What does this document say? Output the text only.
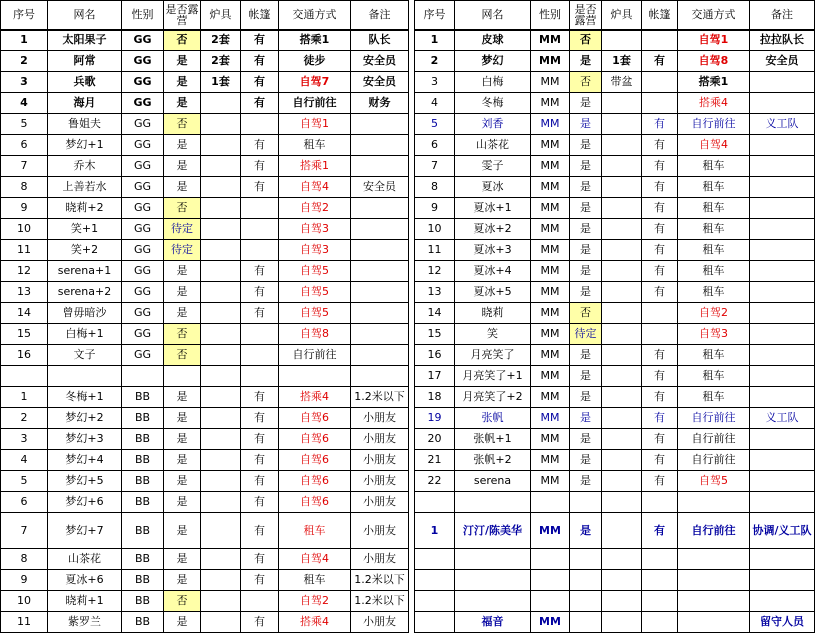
序号	网名	性别	是否露营	炉具	帐篷	交通方式	备注
1	太阳果子	GG	否	2套	有	搭乘1	队长
2	阿常	GG	是	2套	有	徒步	安全员
3	兵歌	GG	是	1套	有	自驾7	安全员
4	海月	GG	是		有	自行前往	财务
5	鲁姐夫	GG	否			自驾1	
6	梦幻+1	GG	是		有	租车	
7	乔木	GG	是		有	搭乘1	
8	上善若水	GG	是		有	自驾4	安全员
9	晓莉+2	GG	否			自驾2	
10	笑+1	GG	待定			自驾3	
11	笑+2	GG	待定			自驾3	
12	serena+1	GG	是		有	自驾5	
13	serena+2	GG	是		有	自驾5	
14	曾毋暗沙	GG	是		有	自驾5	
15	白梅+1	GG	否			自驾8	
16	文子	GG	否			自行前往	

1	冬梅+1	BB	是		有	搭乘4	1.2米以下
2	梦幻+2	BB	是		有	自驾6	小朋友
3	梦幻+3	BB	是		有	自驾6	小朋友
4	梦幻+4	BB	是		有	自驾6	小朋友
5	梦幻+5	BB	是		有	自驾6	小朋友
6	梦幻+6	BB	是		有	自驾6	小朋友
7	梦幻+7	BB	是		有	租车	小朋友
8	山茶花	BB	是		有	自驾4	小朋友
9	夏冰+6	BB	是		有	租车	1.2米以下
10	晓莉+1	BB	否			自驾2	1.2米以下
11	紫罗兰	BB	是		有	搭乘4	小朋友
序号	网名	性别	是否露营	炉具	帐篷	交通方式	备注
1	皮球	MM	否			自驾1	拉拉队长
2	梦幻	MM	是	1套	有	自驾8	安全员
3	白梅	MM	否	带盆		搭乘1	
4	冬梅	MM	是			搭乘4	
5	刘香	MM	是		有	自行前往	义工队
6	山茶花	MM	是		有	自驾4	
7	雯子	MM	是		有	租车	
8	夏冰	MM	是		有	租车	
9	夏冰+1	MM	是		有	租车	
10	夏冰+2	MM	是		有	租车	
11	夏冰+3	MM	是		有	租车	
12	夏冰+4	MM	是		有	租车	
13	夏冰+5	MM	是		有	租车	
14	晓莉	MM	否			自驾2	
15	笑	MM	待定			自驾3	
16	月亮笑了	MM	是		有	租车	
17	月亮笑了+1	MM	是		有	租车	
18	月亮笑了+2	MM	是		有	租车	
19	张帆	MM	是		有	自行前往	义工队
20	张帆+1	MM	是		有	自行前往	
21	张帆+2	MM	是		有	自行前往	
22	serena	MM	是		有	自驾5	

1	汀汀/陈美华	MM	是		有	自行前往	协调/义工队

	福音	MM					留守人员
